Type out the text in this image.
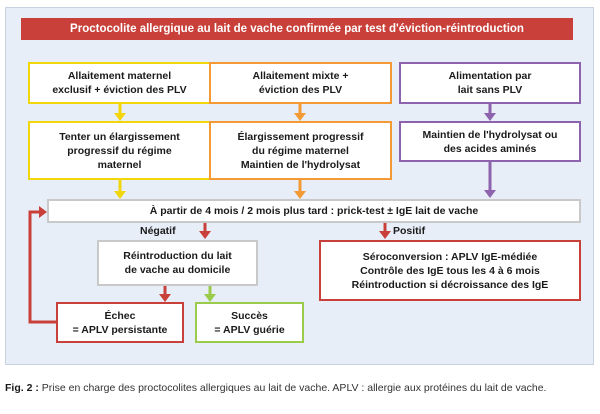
Proctocolite allergique au lait de vache confirmée par test d'éviction-réintroduction
Allaitement maternel
exclusif + éviction des PLV
Allaitement mixte +
éviction des PLV
Alimentation par
lait sans PLV
Tenter un élargissement
progressif du régime
maternel
Élargissement progressif
du régime maternel
Maintien de l'hydrolysat
Maintien de l'hydrolysat ou
des acides aminés
À partir de 4 mois / 2 mois plus tard : prick-test ± IgE lait de vache
Négatif	Positif
Réintroduction du lait
de vache au domicile
Séroconversion : APLV IgE-médiée
Contrôle des IgE tous les 4 à 6 mois
Réintroduction si décroissance des IgE
Échec
= APLV persistante
Succès
= APLV guérie
Fig. 2 : Prise en charge des proctocolites allergiques au lait de vache. APLV : allergie aux protéines du lait de vache.
